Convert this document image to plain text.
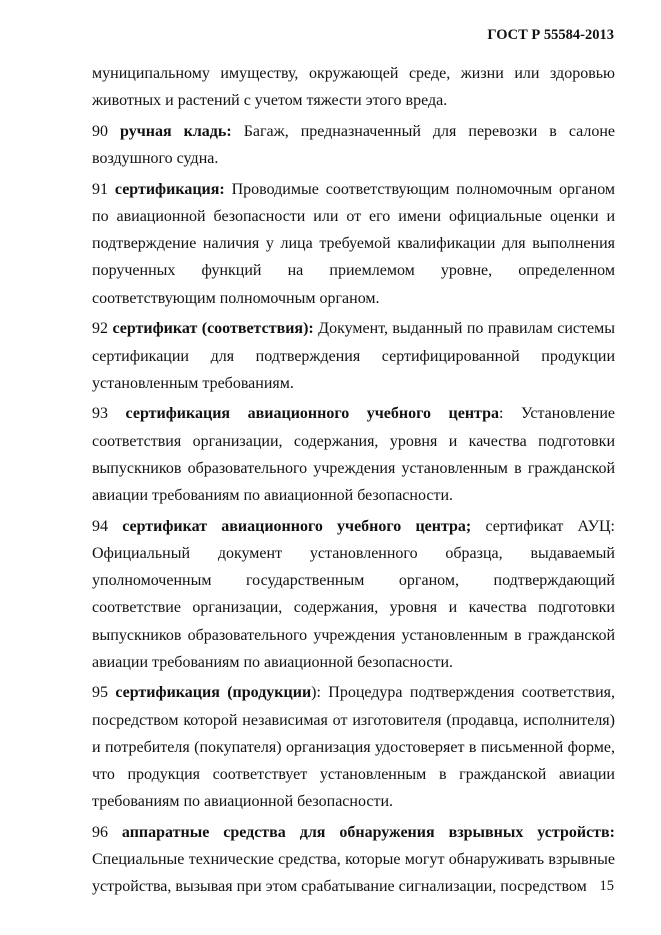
ГОСТ Р 55584-2013

муниципальному имуществу, окружающей среде, жизни или здоровью животных и растений с учетом тяжести этого вреда.

90 ручная кладь: Багаж, предназначенный для перевозки в салоне воздушного судна.

91 сертификация: Проводимые соответствующим полномочным органом по авиационной безопасности или от его имени официальные оценки и подтверждение наличия у лица требуемой квалификации для выполнения порученных функций на приемлемом уровне, определенном соответствующим полномочным органом.

92 сертификат (соответствия): Документ, выданный по правилам системы сертификации для подтверждения сертифицированной продукции установленным требованиям.

93 сертификация авиационного учебного центра: Установление соответствия организации, содержания, уровня и качества подготовки выпускников образовательного учреждения установленным в гражданской авиации требованиям по авиационной безопасности.

94 сертификат авиационного учебного центра; сертификат АУЦ: Официальный документ установленного образца, выдаваемый уполномоченным государственным органом, подтверждающий соответствие организации, содержания, уровня и качества подготовки выпускников образовательного учреждения установленным в гражданской авиации требованиям по авиационной безопасности.

95 сертификация (продукции): Процедура подтверждения соответствия, посредством которой независимая от изготовителя (продавца, исполнителя) и потребителя (покупателя) организация удостоверяет в письменной форме, что продукция соответствует установленным в гражданской авиации требованиям по авиационной безопасности.

96 аппаратные средства для обнаружения взрывных устройств: Специальные технические средства, которые могут обнаруживать взрывные устройства, вызывая при этом срабатывание сигнализации, посредством 15
